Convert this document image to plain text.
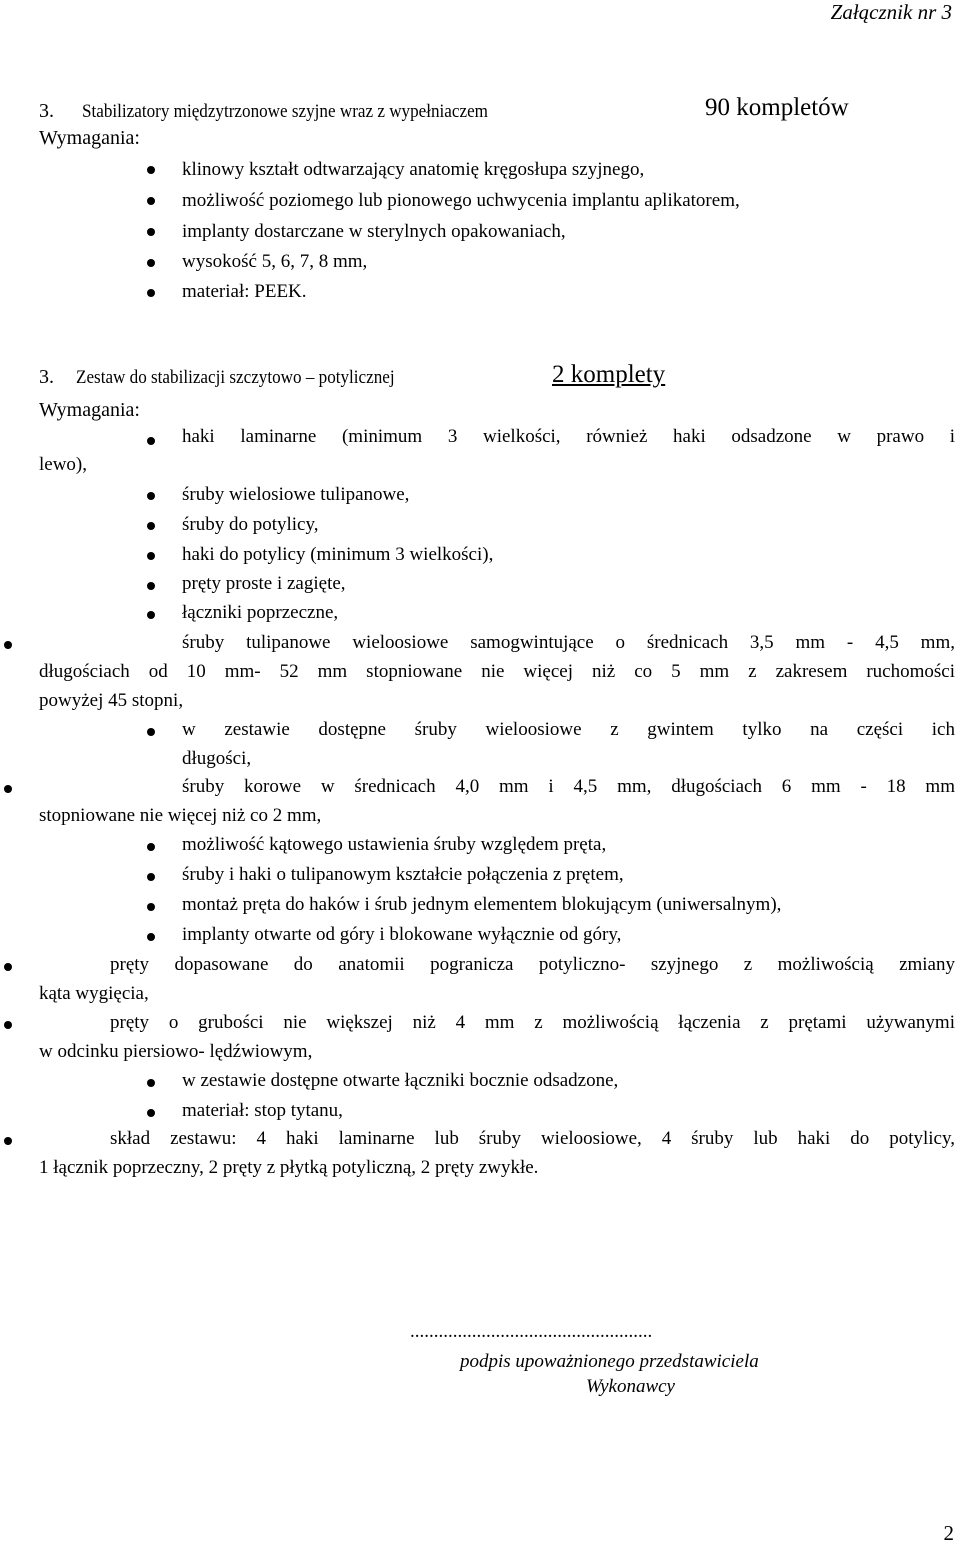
Załącznik nr 3
3. Stabilizatory międzytrzonowe szyjne wraz z wypełniaczem	90 kompletów
Wymagania:
klinowy kształt odtwarzający anatomię kręgosłupa szyjnego,
możliwość poziomego lub pionowego uchwycenia implantu aplikatorem,
implanty dostarczane w sterylnych opakowaniach,
wysokość 5, 6, 7, 8 mm,
materiał: PEEK.
3. Zestaw do stabilizacji szczytowo – potylicznej	2 komplety
Wymagania:
haki laminarne (minimum 3 wielkości, również haki odsadzone w prawo i
lewo),
śruby wielosiowe tulipanowe,
śruby do potylicy,
haki do potylicy (minimum 3 wielkości),
pręty proste i zagięte,
łączniki poprzeczne,
śruby tulipanowe wieloosiowe samogwintujące o średnicach 3,5 mm - 4,5 mm,
długościach od 10 mm- 52 mm stopniowane nie więcej niż co 5 mm z zakresem ruchomości
powyżej 45 stopni,
w zestawie dostępne śruby wieloosiowe z gwintem tylko na części ich
długości,
śruby korowe w średnicach 4,0 mm i 4,5 mm, długościach 6 mm - 18 mm
stopniowane nie więcej niż co 2 mm,
możliwość kątowego ustawienia śruby względem pręta,
śruby i haki o tulipanowym kształcie połączenia z prętem,
montaż pręta do haków i śrub jednym elementem blokującym (uniwersalnym),
implanty otwarte od góry i blokowane wyłącznie od góry,
pręty dopasowane do anatomii pogranicza potyliczno- szyjnego z możliwością zmiany
kąta wygięcia,
pręty o grubości nie większej niż 4 mm z możliwością łączenia z prętami używanymi
w odcinku piersiowo- lędźwiowym,
w zestawie dostępne otwarte łączniki bocznie odsadzone,
materiał: stop tytanu,
skład zestawu: 4 haki laminarne lub śruby wieloosiowe, 4 śruby lub haki do potylicy,
1 łącznik poprzeczny, 2 pręty z płytką potyliczną, 2 pręty zwykłe.
...................................................
podpis upoważnionego przedstawiciela
Wykonawcy
2
